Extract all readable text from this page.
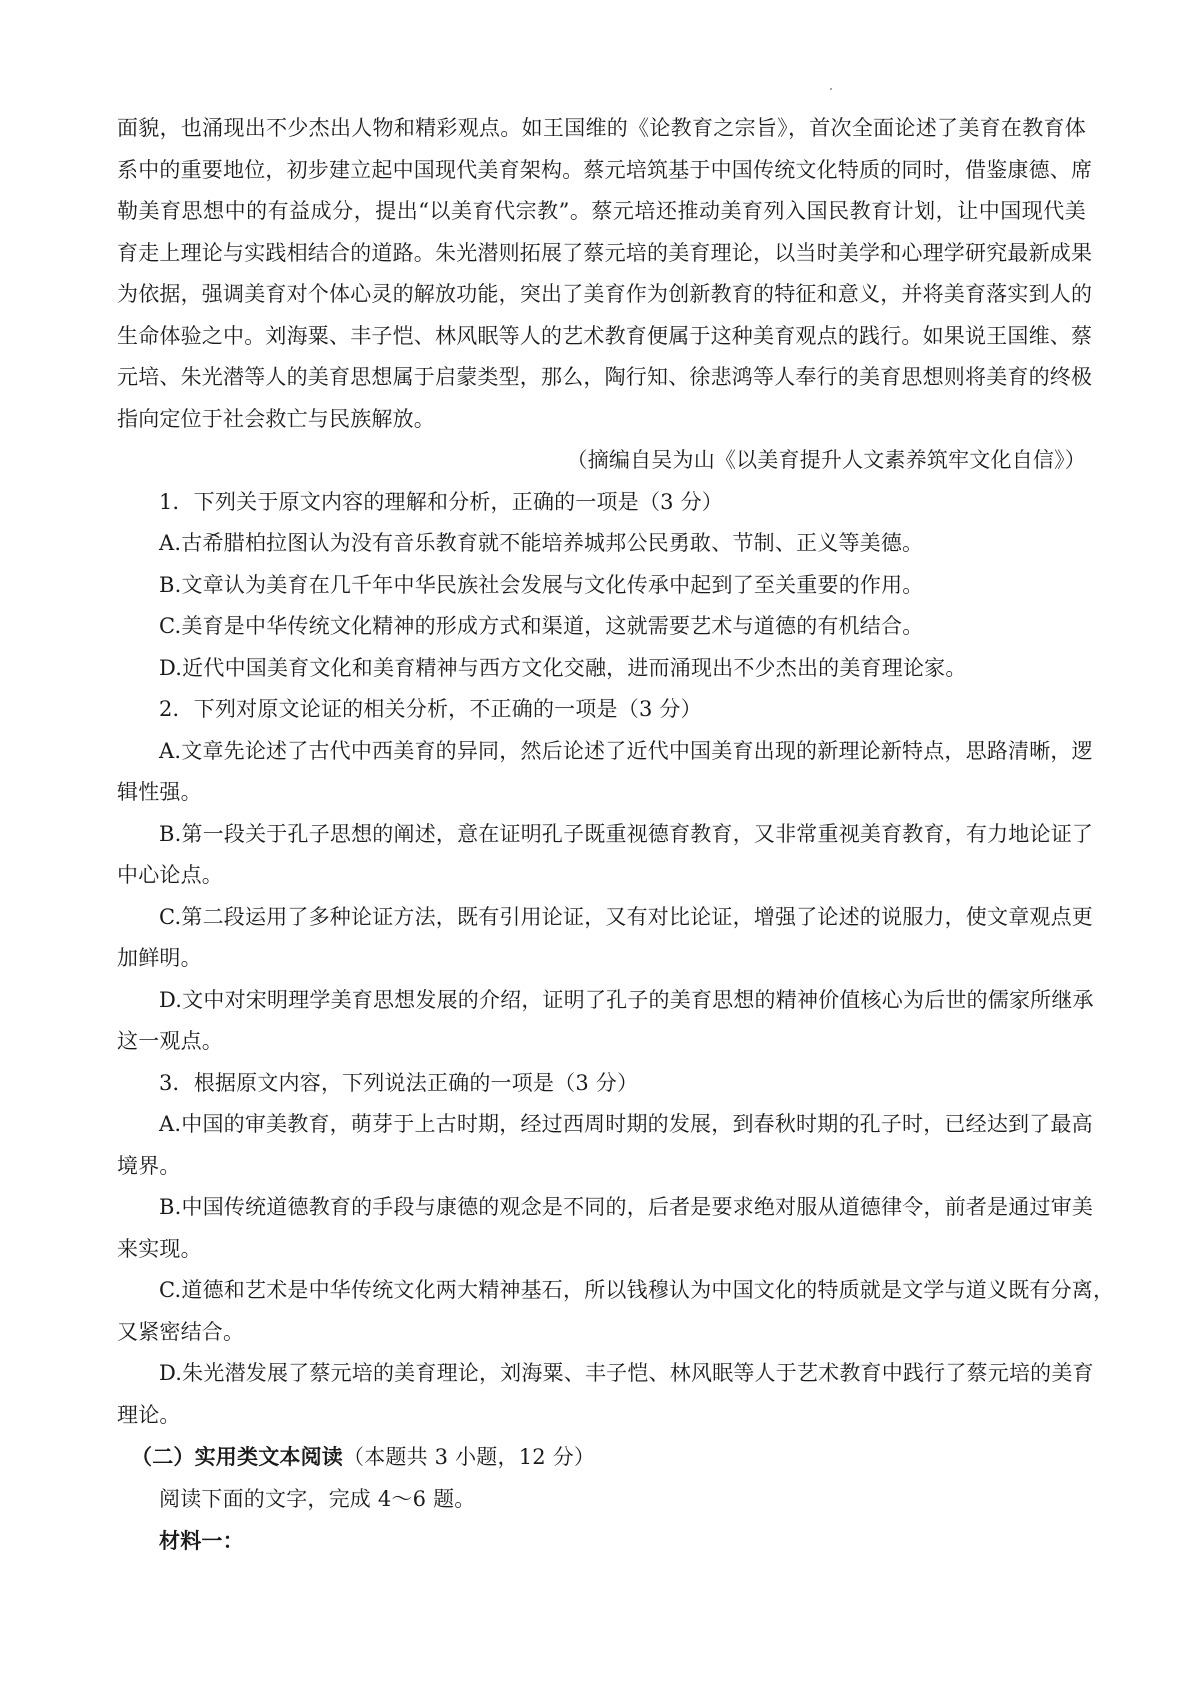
面貌，也涌现出不少杰出人物和精彩观点。如王国维的《论教育之宗旨》，首次全面论述了美育在教育体
系中的重要地位，初步建立起中国现代美育架构。蔡元培筑基于中国传统文化特质的同时，借鉴康德、席
勒美育思想中的有益成分，提出“以美育代宗教”。蔡元培还推动美育列入国民教育计划，让中国现代美
育走上理论与实践相结合的道路。朱光潜则拓展了蔡元培的美育理论，以当时美学和心理学研究最新成果
为依据，强调美育对个体心灵的解放功能，突出了美育作为创新教育的特征和意义，并将美育落实到人的
生命体验之中。刘海粟、丰子恺、林风眠等人的艺术教育便属于这种美育观点的践行。如果说王国维、蔡
元培、朱光潜等人的美育思想属于启蒙类型，那么，陶行知、徐悲鸿等人奉行的美育思想则将美育的终极
指向定位于社会救亡与民族解放。
（摘编自吴为山《以美育提升人文素养筑牢文化自信》）
1．下列关于原文内容的理解和分析，正确的一项是（3 分）
A.古希腊柏拉图认为没有音乐教育就不能培养城邦公民勇敢、节制、正义等美德。
B.文章认为美育在几千年中华民族社会发展与文化传承中起到了至关重要的作用。
C.美育是中华传统文化精神的形成方式和渠道，这就需要艺术与道德的有机结合。
D.近代中国美育文化和美育精神与西方文化交融，进而涌现出不少杰出的美育理论家。
2．下列对原文论证的相关分析，不正确的一项是（3 分）
A.文章先论述了古代中西美育的异同，然后论述了近代中国美育出现的新理论新特点，思路清晰，逻
辑性强。
B.第一段关于孔子思想的阐述，意在证明孔子既重视德育教育，又非常重视美育教育，有力地论证了
中心论点。
C.第二段运用了多种论证方法，既有引用论证，又有对比论证，增强了论述的说服力，使文章观点更
加鲜明。
D.文中对宋明理学美育思想发展的介绍，证明了孔子的美育思想的精神价值核心为后世的儒家所继承
这一观点。
3．根据原文内容，下列说法正确的一项是（3 分）
A.中国的审美教育，萌芽于上古时期，经过西周时期的发展，到春秋时期的孔子时，已经达到了最高
境界。
B.中国传统道德教育的手段与康德的观念是不同的，后者是要求绝对服从道德律令，前者是通过审美
来实现。
C.道德和艺术是中华传统文化两大精神基石，所以钱穆认为中国文化的特质就是文学与道义既有分离，
又紧密结合。
D.朱光潜发展了蔡元培的美育理论，刘海粟、丰子恺、林风眠等人于艺术教育中践行了蔡元培的美育
理论。
（二）实用类文本阅读（本题共 3 小题，12 分）
阅读下面的文字，完成 4～6 题。
材料一：
